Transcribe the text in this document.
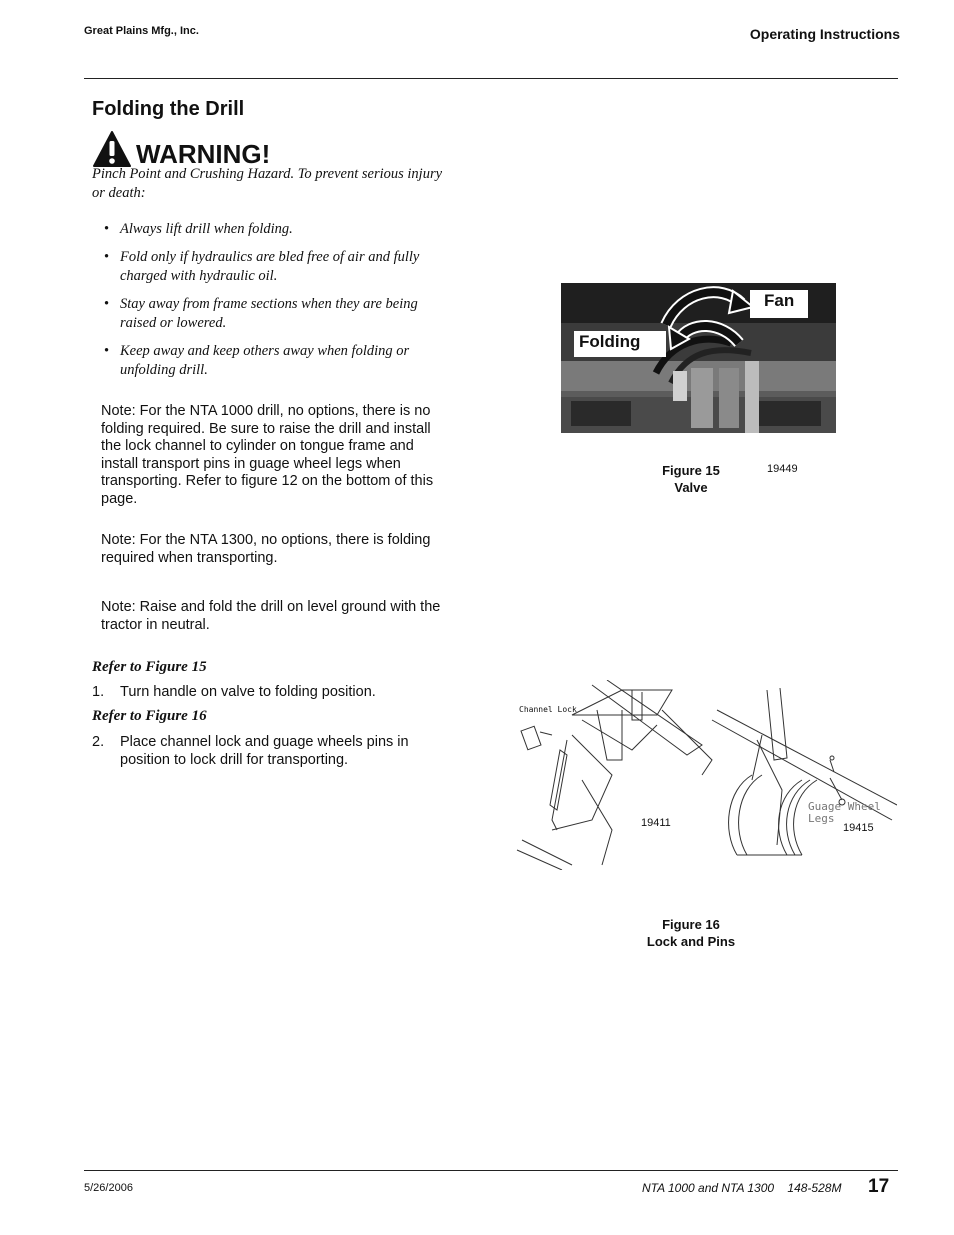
Great Plains Mfg., Inc.	Operating Instructions
Folding the Drill
WARNING!
Pinch Point and Crushing Hazard. To prevent serious injury or death:
• Always lift drill when folding.
• Fold only if hydraulics are bled free of air and fully charged with hydraulic oil.
• Stay away from frame sections when they are being raised or lowered.
• Keep away and keep others away when folding or unfolding drill.
Note: For the NTA 1000 drill, no options, there is no folding required. Be sure to raise the drill and install the lock channel to cylinder on tongue frame and install transport pins in guage wheel legs when transporting. Refer to figure 12 on the bottom of this page.
Note: For the NTA 1300, no options, there is folding required when transporting.
Note: Raise and fold the drill on level ground with the tractor in neutral.
Refer to Figure 15
1.	Turn handle on valve to folding position.
Refer to Figure 16
2.	Place channel lock and guage wheels pins in position to lock drill for transporting.
Fan
Folding
Figure 15
Valve
19449
Channel Lock
Guage Wheel
Legs
19411	19415
Figure 16
Lock and Pins
5/26/2006	NTA 1000 and NTA 1300    148-528M 17
